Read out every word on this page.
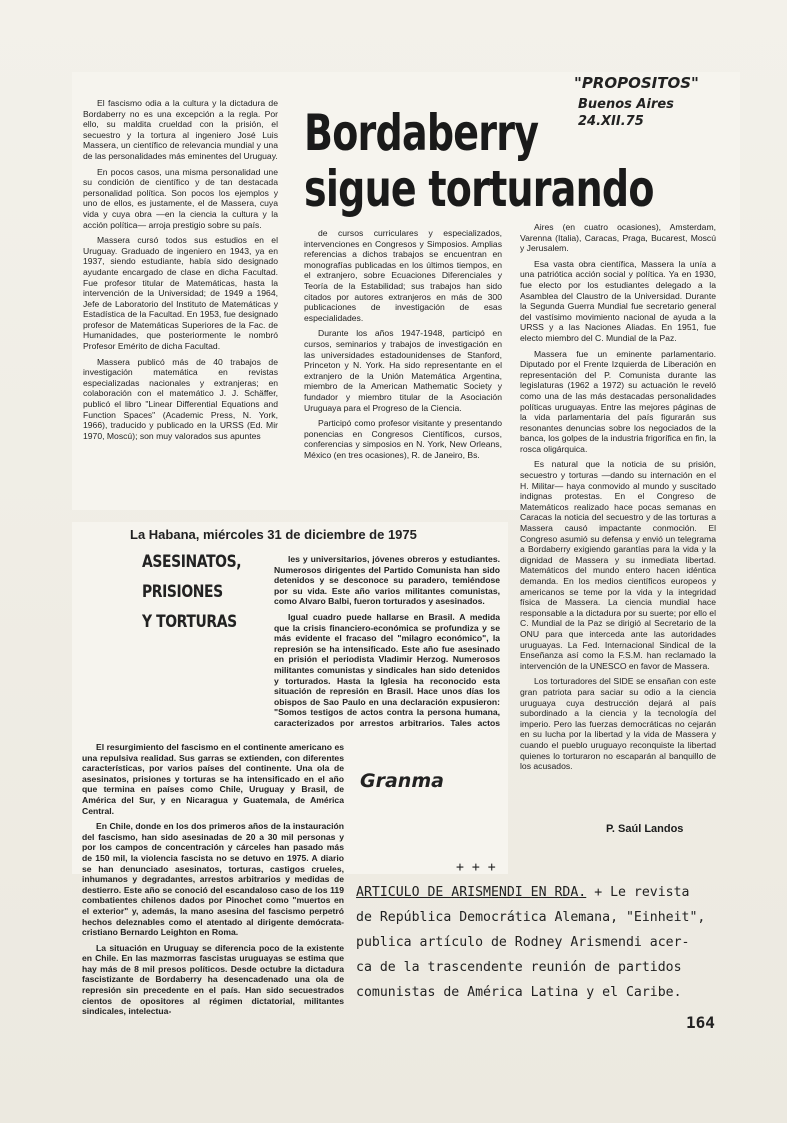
"PROPOSITOS"
Buenos Aires
24.XII.75
Bordaberry
sigue torturando

El fascismo odia a la cultura y la dictadura de Bordaberry no es una excepción a la regla. Por ello, su maldita crueldad con la prisión, el secuestro y la tortura al ingeniero José Luis Massera, un científico de relevancia mundial y una de las personalidades más eminentes del Uruguay.

En pocos casos, una misma personalidad une su condición de científico y de tan destacada personalidad política. Son pocos los ejemplos y uno de ellos, es justamente, el de Massera, cuya vida y cuya obra —en la ciencia la cultura y la acción política— arroja prestigio sobre su país.

Massera cursó todos sus estudios en el Uruguay. Graduado de ingeniero en 1943, ya en 1937, siendo estudiante, había sido designado ayudante encargado de clase en dicha Facultad. Fue profesor titular de Matemáticas, hasta la intervención de la Universidad; de 1949 a 1964, Jefe de Laboratorio del Instituto de Matemáticas y Estadística de la Facultad. En 1953, fue designado profesor de Matemáticas Superiores de la Fac. de Humanidades, que posteriormente le nombró Profesor Emérito de dicha Facultad.

Massera publicó más de 40 trabajos de investigación matemática en revistas especializadas nacionales y extranjeras; en colaboración con el matemático J. J. Schäffer, publicó el libro "Linear Differential Equations and Function Spaces" (Academic Press, N. York, 1966), traducido y publicado en la URSS (Ed. Mir 1970, Moscú); son muy valorados sus apuntes

de cursos curriculares y especializados, intervenciones en Congresos y Simposios. Amplias referencias a dichos trabajos se encuentran en monografías publicadas en los últimos tiempos, en el extranjero, sobre Ecuaciones Diferenciales y Teoría de la Estabilidad; sus trabajos han sido citados por autores extranjeros en más de 300 publicaciones de investigación de esas especialidades.

Durante los años 1947-1948, participó en cursos, seminarios y trabajos de investigación en las universidades estadounidenses de Stanford, Princeton y N. York. Ha sido representante en el extranjero de la Unión Matemática Argentina, miembro de la American Mathematic Society y fundador y miembro titular de la Asociación Uruguaya para el Progreso de la Ciencia.

Participó como profesor visitante y presentando ponencias en Congresos Científicos, cursos, conferencias y simposios en N. York, New Orleans, México (en tres ocasiones), R. de Janeiro, Bs.

Aires (en cuatro ocasiones), Amsterdam, Varenna (Italia), Caracas, Praga, Bucarest, Moscú y Jerusalem.

Esa vasta obra científica, Massera la unía a una patriótica acción social y política. Ya en 1930, fue electo por los estudiantes delegado a la Asamblea del Claustro de la Universidad. Durante la Segunda Guerra Mundial fue secretario general del vastísimo movimiento nacional de ayuda a la URSS y a las Naciones Aliadas. En 1951, fue electo miembro del C. Mundial de la Paz.

Massera fue un eminente parlamentario. Diputado por el Frente Izquierda de Liberación en representación del P. Comunista durante las legislaturas (1962 a 1972) su actuación le reveló como una de las más destacadas personalidades políticas uruguayas. Entre las mejores páginas de la vida parlamentaria del país figurarán sus resonantes denuncias sobre los negociados de la banca, los golpes de la industria frigorífica en fin, la rosca oligárquica.

Es natural que la noticia de su prisión, secuestro y torturas —dando su internación en el H. Militar— haya conmovido al mundo y suscitado indignas protestas. En el Congreso de Matemáticos realizado hace pocas semanas en Caracas la noticia del secuestro y de las torturas a Massera causó impactante conmoción. El Congreso asumió su defensa y envió un telegrama a Bordaberry exigiendo garantías para la vida y la dignidad de Massera y su inmediata libertad. Matemáticos del mundo entero hacen idéntica demanda. En los medios científicos europeos y americanos se teme por la vida y la integridad física de Massera. La ciencia mundial hace responsable a la dictadura por su suerte; por ello el C. Mundial de la Paz se dirigió al Secretario de la ONU para que interceda ante las autoridades uruguayas. La Fed. Internacional Sindical de la Enseñanza así como la F.S.M. han reclamado la intervención de la UNESCO en favor de Massera.

Los torturadores del SIDE se ensañan con este gran patriota para saciar su odio a la ciencia uruguaya cuya destrucción dejará al país subordinado a la ciencia y la tecnología del imperio. Pero las fuerzas democráticas no cejarán en su lucha por la libertad y la vida de Massera y cuando el pueblo uruguayo reconquiste la libertad quienes lo torturaron no escaparán al banquillo de los acusados.

P. Saúl Landos
La Habana, miércoles 31 de diciembre de 1975
ASESINATOS,
PRISIONES
Y TORTURAS

les y universitarios, jóvenes obreros y estudiantes. Numerosos dirigentes del Partido Comunista han sido detenidos y se desconoce su paradero, temiéndose por su vida. Este año varios militantes comunistas, como Alvaro Balbi, fueron torturados y asesinados.

Igual cuadro puede hallarse en Brasil. A medida que la crisis financiero-económica se profundiza y se más evidente el fracaso del "milagro económico", la represión se ha intensificado. Este año fue asesinado en prisión el periodista Vladimir Herzog. Numerosos militantes comunistas y sindicales han sido detenidos y torturados. Hasta la Iglesia ha reconocido esta situación de represión en Brasil. Hace unos días los obispos de Sao Paulo en una declaración expusieron: "Somos testigos de actos contra la persona humana, caracterizados por arrestos arbitrarios. Tales actos

El resurgimiento del fascismo en el continente americano es una repulsiva realidad. Sus garras se extienden, con diferentes características, por varios países del continente. Una ola de asesinatos, prisiones y torturas se ha intensificado en el año que termina en países como Chile, Uruguay y Brasil, de América del Sur, y en Nicaragua y Guatemala, de América Central.

En Chile, donde en los dos primeros años de la instauración del fascismo, han sido asesinadas de 20 a 30 mil personas y por los campos de concentración y cárceles han pasado más de 150 mil, la violencia fascista no se detuvo en 1975. A diario se han denunciado asesinatos, torturas, castigos crueles, inhumanos y degradantes, arrestos arbitrarios y medidas de destierro. Este año se conoció del escandaloso caso de los 119 combatientes chilenos dados por Pinochet como "muertos en el exterior" y, además, la mano asesina del fascismo perpetró hechos deleznables como el atentado al dirigente demócrata-cristiano Bernardo Leighton en Roma.

La situación en Uruguay se diferencia poco de la existente en Chile. En las mazmorras fascistas uruguayas se estima que hay más de 8 mil presos políticos. Desde octubre la dictadura fascistizante de Bordaberry ha desencadenado una ola de represión sin precedente en el país. Han sido secuestrados cientos de opositores al régimen dictatorial, militantes sindicales, intelectua-

Granma
+ + +
ARTICULO DE ARISMENDI EN RDA. + Le revista
de República Democrática Alemana, "Einheit",
publica artículo de Rodney Arismendi acer-
ca de la trascendente reunión de partidos
comunistas de América Latina y el Caribe.
164
